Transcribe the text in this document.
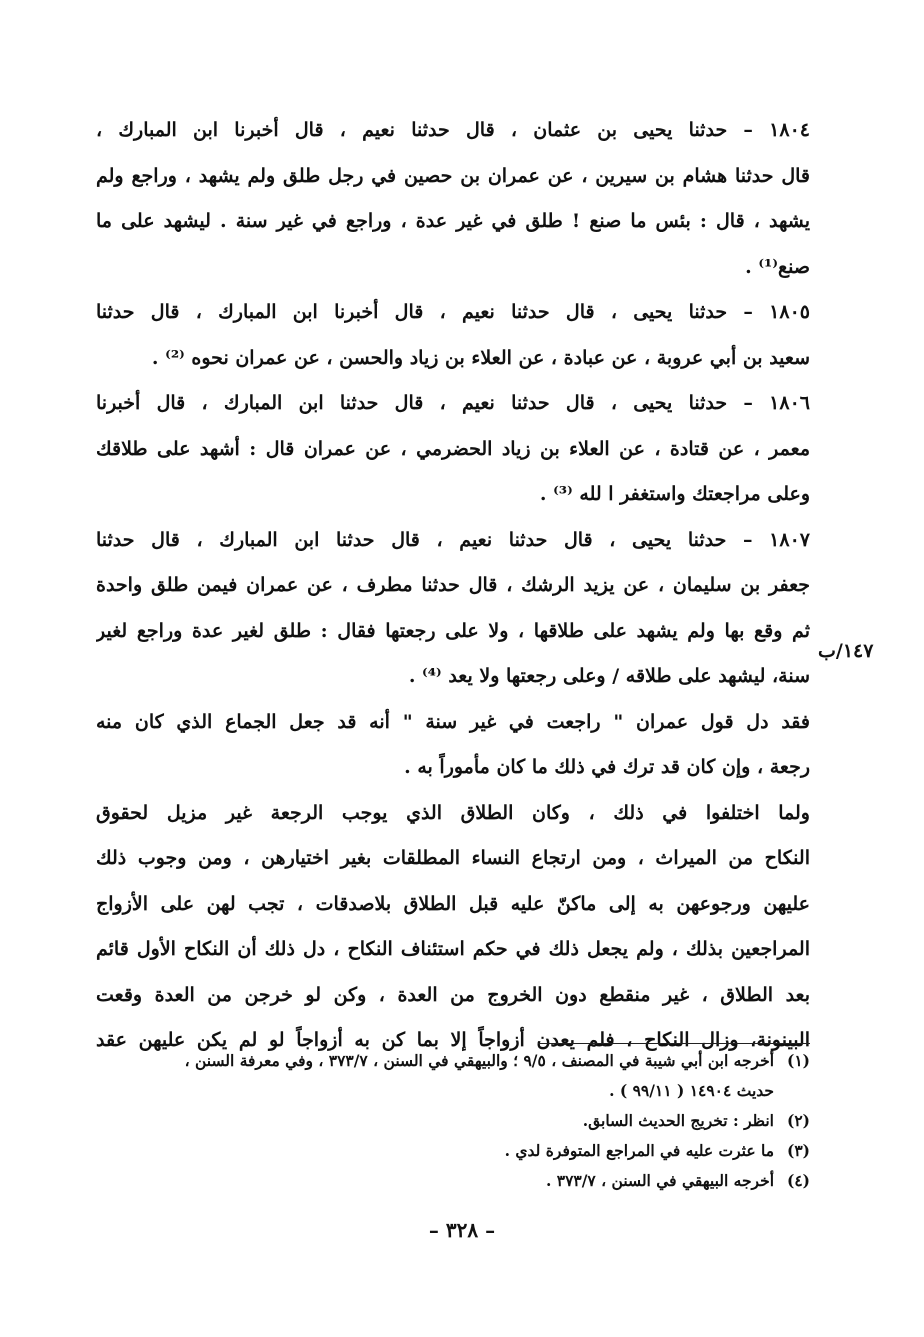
١٨٠٤ – حدثنا يحيى بن عثمان ، قال حدثنا نعيم ، قال أخبرنا ابن المبارك ،
قال حدثنا هشام بن سيرين ، عن عمران بن حصين في رجل طلق ولم يشهد ، وراجع ولم
يشهد ، قال : بئس ما صنع ! طلق في غير عدة ، وراجع في غير سنة . ليشهد على ما
صنع⁽¹⁾ .
١٨٠٥ – حدثنا يحيى ، قال حدثنا نعيم ، قال أخبرنا ابن المبارك ، قال حدثنا
سعيد بن أبي عروبة ، عن عبادة ، عن العلاء بن زياد والحسن ، عن عمران نحوه ⁽²⁾ .
١٨٠٦ – حدثنا يحيى ، قال حدثنا نعيم ، قال حدثنا ابن المبارك ، قال أخبرنا
معمر ، عن قتادة ، عن العلاء بن زياد الحضرمي ، عن عمران قال : أشهد على طلاقك
وعلى مراجعتك واستغفر ا لله ⁽³⁾ .
١٨٠٧ – حدثنا يحيى ، قال حدثنا نعيم ، قال حدثنا ابن المبارك ، قال حدثنا
جعفر بن سليمان ، عن يزيد الرشك ، قال حدثنا مطرف ، عن عمران فيمن طلق واحدة
ثم وقع بها ولم يشهد على طلاقها ، ولا على رجعتها فقال : طلق لغير عدة وراجع لغير
سنة، ليشهد على طلاقه / وعلى رجعتها ولا يعد ⁽⁴⁾ .
فقد دل قول عمران " راجعت في غير سنة " أنه قد جعل الجماع الذي كان منه
رجعة ، وإن كان قد ترك في ذلك ما كان مأموراً به .
ولما اختلفوا في ذلك ، وكان الطلاق الذي يوجب الرجعة غير مزيل لحقوق
النكاح من الميراث ، ومن ارتجاع النساء المطلقات بغير اختيارهن ، ومن وجوب ذلك
عليهن ورجوعهن به إلى ماكنّ عليه قبل الطلاق بلاصدقات ، تجب لهن على الأزواج
المراجعين بذلك ، ولم يجعل ذلك في حكم استئناف النكاح ، دل ذلك أن النكاح الأول قائم
بعد الطلاق ، غير منقطع دون الخروج من العدة ، وكن لو خرجن من العدة وقعت
البينونة، وزال النكاح ، فلم يعدن أزواجاً إلا بما كن به أزواجاً لو لم يكن عليهن عقد
١٤٧/ب
(١)أخرجه ابن أبي شيبة في المصنف ، ٩/٥ ؛ والبيهقي في السنن ، ٣٧٣/٧ ، وفي معرفة السنن ،
حديث ١٤٩٠٤ ( ٩٩/١١ ) .
(٢)انظر : تخريج الحديث السابق.
(٣)ما عثرت عليه في المراجع المتوفرة لدي .
(٤)أخرجه البيهقي في السنن ، ٣٧٣/٧ .
– ٣٢٨ –
